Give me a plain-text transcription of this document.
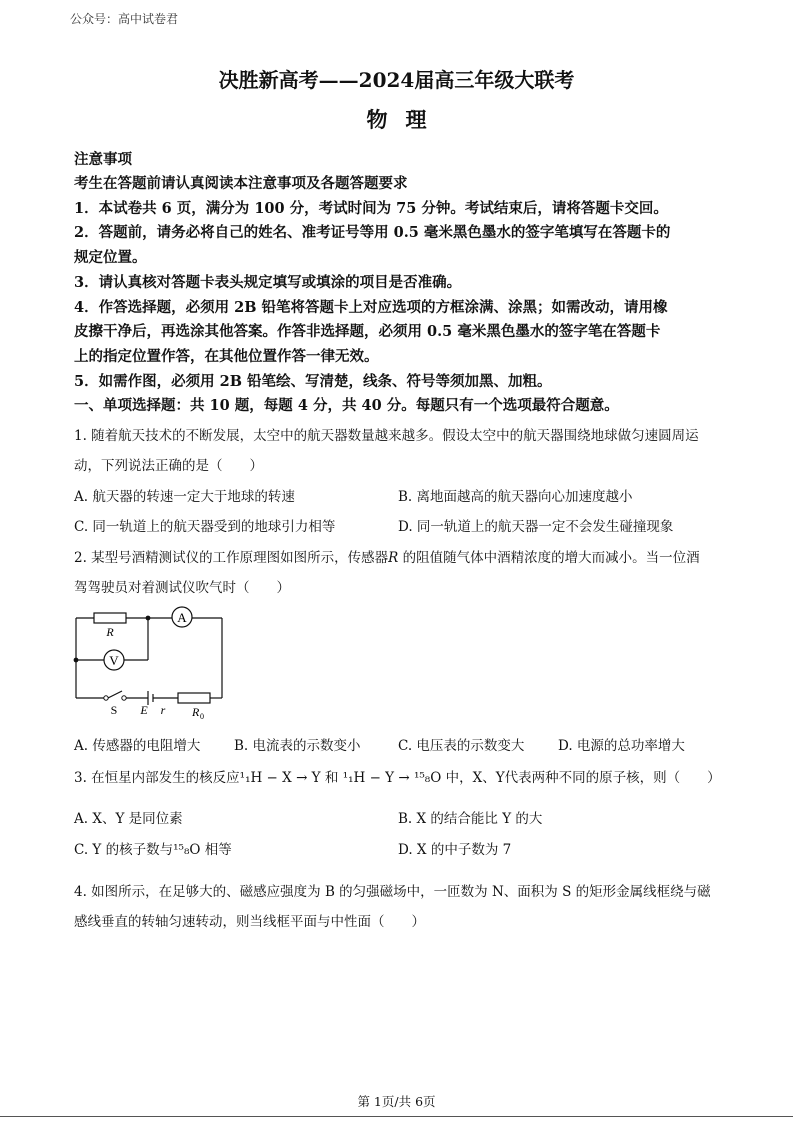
公众号：高中试卷君
决胜新高考——2024届高三年级大联考
物理
注意事项
考生在答题前请认真阅读本注意事项及各题答题要求
1．本试卷共 6 页，满分为 100 分，考试时间为 75 分钟。考试结束后，请将答题卡交回。
2．答题前，请务必将自己的姓名、准考证号等用 0.5 毫米黑色墨水的签字笔填写在答题卡的
规定位置。
3．请认真核对答题卡表头规定填写或填涂的项目是否准确。
4．作答选择题，必须用 2B 铅笔将答题卡上对应选项的方框涂满、涂黑；如需改动，请用橡
皮擦干净后，再选涂其他答案。作答非选择题，必须用 0.5 毫米黑色墨水的签字笔在答题卡
上的指定位置作答，在其他位置作答一律无效。
5．如需作图，必须用 2B 铅笔绘、写清楚，线条、符号等须加黑、加粗。
一、单项选择题：共 10 题，每题 4 分，共 40 分。每题只有一个选项最符合题意。
1. 随着航天技术的不断发展，太空中的航天器数量越来越多。假设太空中的航天器围绕地球做匀速圆周运
动，下列说法正确的是（　　）
A. 航天器的转速一定大于地球的转速	B. 离地面越高的航天器向心加速度越小
C. 同一轨道上的航天器受到的地球引力相等	D. 同一轨道上的航天器一定不会发生碰撞现象
2. 某型号酒精测试仪的工作原理图如图所示，传感器R 的阻值随气体中酒精浓度的增大而减小。当一位酒
驾驾驶员对着测试仪吹气时（　　）
A
V
R
S E r R 0
A. 传感器的电阻增大 B. 电流表的示数变小	C. 电压表的示数变大 D. 电源的总功率增大
3. 在恒星内部发生的核反应¹₁H − X → Y 和 ¹₁H − Y → ¹⁵₈O 中，X、Y代表两种不同的原子核，则（　　）
A. X、Y 是同位素	B. X 的结合能比 Y 的大
C. Y 的核子数与¹⁵₈O 相等	D. X 的中子数为 7
4. 如图所示，在足够大的、磁感应强度为 B 的匀强磁场中，一匝数为 N、面积为 S 的矩形金属线框绕与磁
感线垂直的转轴匀速转动，则当线框平面与中性面（　　）
第 1页/共 6页
